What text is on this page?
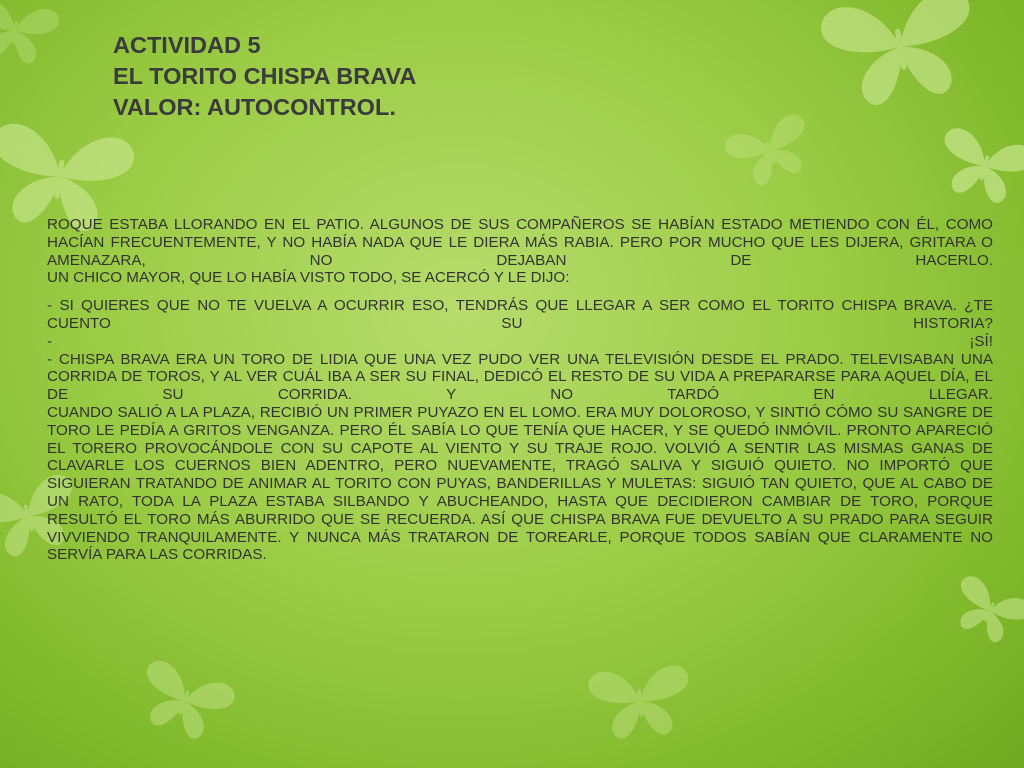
ACTIVIDAD 5
EL TORITO CHISPA BRAVA
VALOR: AUTOCONTROL.

ROQUE ESTABA LLORANDO EN EL PATIO. ALGUNOS DE SUS COMPAÑEROS SE HABÍAN ESTADO METIENDO CON ÉL, COMO HACÍAN FRECUENTEMENTE, Y NO HABÍA NADA QUE LE DIERA MÁS RABIA. PERO POR MUCHO QUE LES DIJERA, GRITARA O AMENAZARA, NO DEJABAN DE HACERLO.

UN CHICO MAYOR, QUE LO HABÍA VISTO TODO, SE ACERCÓ Y LE DIJO:

- SI QUIERES QUE NO TE VUELVA A OCURRIR ESO, TENDRÁS QUE LLEGAR A SER COMO EL TORITO CHISPA BRAVA. ¿TE CUENTO SU HISTORIA?

- ¡SÍ!

- CHISPA BRAVA ERA UN TORO DE LIDIA QUE UNA VEZ PUDO VER UNA TELEVISIÓN DESDE EL PRADO. TELEVISABAN UNA CORRIDA DE TOROS, Y AL VER CUÁL IBA A SER SU FINAL, DEDICÓ EL RESTO DE SU VIDA A PREPARARSE PARA AQUEL DÍA, EL DE SU CORRIDA. Y NO TARDÓ EN LLEGAR.

CUANDO SALIÓ A LA PLAZA, RECIBIÓ UN PRIMER PUYAZO EN EL LOMO. ERA MUY DOLOROSO, Y SINTIÓ CÓMO SU SANGRE DE TORO LE PEDÍA A GRITOS VENGANZA. PERO ÉL SABÍA LO QUE TENÍA QUE HACER, Y SE QUEDÓ INMÓVIL. PRONTO APARECIÓ EL TORERO PROVOCÁNDOLE CON SU CAPOTE AL VIENTO Y SU TRAJE ROJO. VOLVIÓ A SENTIR LAS MISMAS GANAS DE CLAVARLE LOS CUERNOS BIEN ADENTRO, PERO NUEVAMENTE, TRAGÓ SALIVA Y SIGUIÓ QUIETO. NO IMPORTÓ QUE SIGUIERAN TRATANDO DE ANIMAR AL TORITO CON PUYAS, BANDERILLAS Y MULETAS: SIGUIÓ TAN QUIETO, QUE AL CABO DE UN RATO, TODA LA PLAZA ESTABA SILBANDO Y ABUCHEANDO, HASTA QUE DECIDIERON CAMBIAR DE TORO, PORQUE RESULTÓ EL TORO MÁS ABURRIDO QUE SE RECUERDA. ASÍ QUE CHISPA BRAVA FUE DEVUELTO A SU PRADO PARA SEGUIR VIVVIENDO TRANQUILAMENTE. Y NUNCA MÁS TRATARON DE TOREARLE, PORQUE TODOS SABÍAN QUE CLARAMENTE NO SERVÍA PARA LAS CORRIDAS.
